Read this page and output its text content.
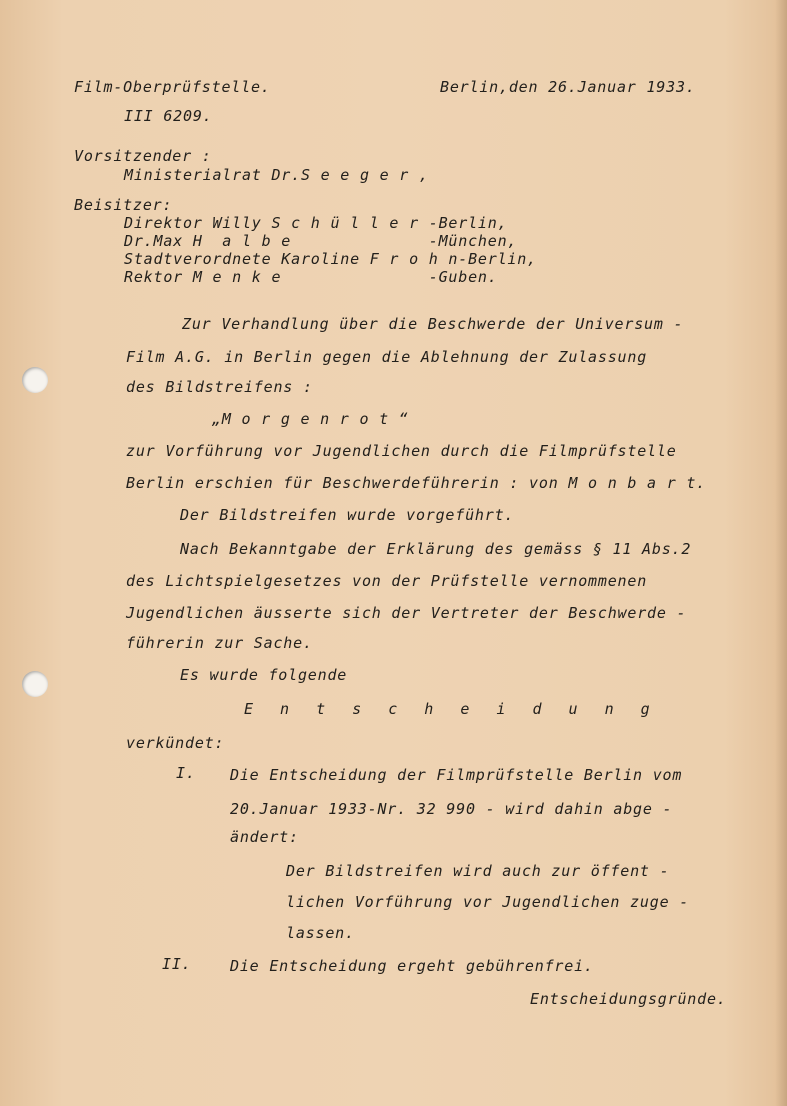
Film-Oberprüfstelle.	Berlin,den 26.Januar 1933.
III 6209.
Vorsitzender :
Ministerialrat Dr.S e e g e r ,
Beisitzer:
Direktor Willy S c h ü l l e r -Berlin,
Dr.Max H  a l b e              -München,
Stadtverordnete Karoline F r o h n-Berlin,
Rektor M e n k e               -Guben.
Zur Verhandlung über die Beschwerde der Universum -
Film A.G. in Berlin gegen die Ablehnung der Zulassung
des Bildstreifens :
„M o r g e n r o t “
zur Vorführung vor Jugendlichen durch die Filmprüfstelle
Berlin erschien für Beschwerdeführerin : von M o n b a r t.
Der Bildstreifen wurde vorgeführt.
Nach Bekanntgabe der Erklärung des gemäss § 11 Abs.2
des Lichtspielgesetzes von der Prüfstelle vernommenen
Jugendlichen äusserte sich der Vertreter der Beschwerde -
führerin zur Sache.
Es wurde folgende
E n t s c h e i d u n g
verkündet:
I. Die Entscheidung der Filmprüfstelle Berlin vom
20.Januar 1933-Nr. 32 990 - wird dahin abge -
ändert:
Der Bildstreifen wird auch zur öffent -
lichen Vorführung vor Jugendlichen zuge -
lassen.
II.	Die Entscheidung ergeht gebührenfrei.
Entscheidungsgründe.
